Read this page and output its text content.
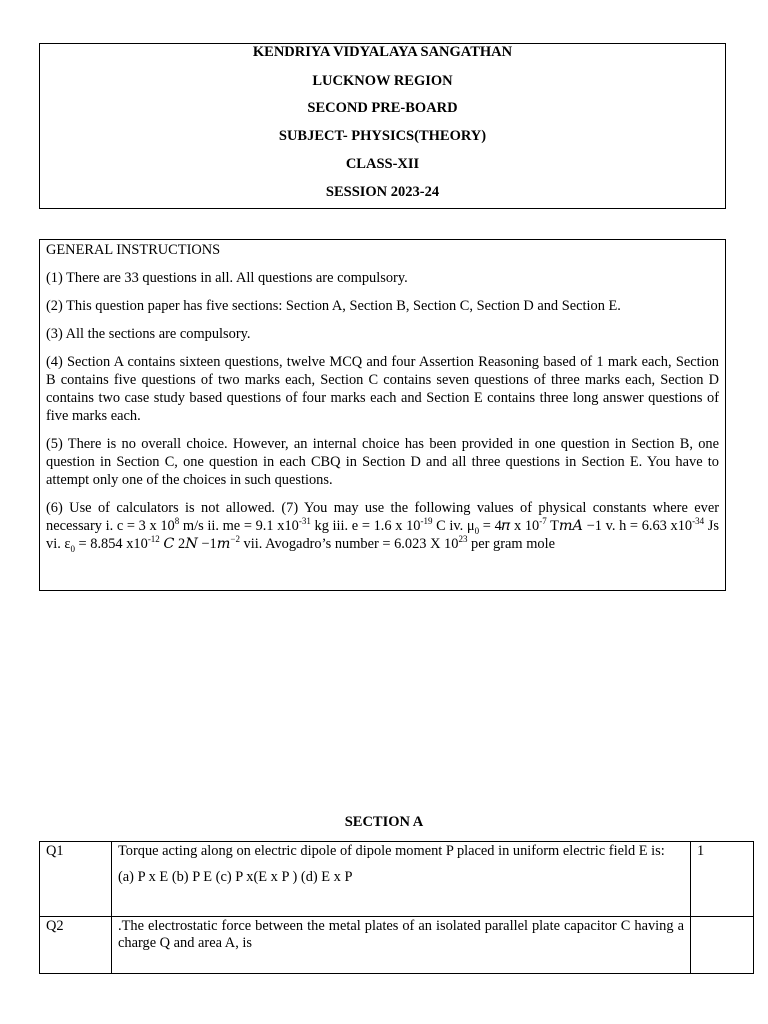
KENDRIYA VIDYALAYA SANGATHAN
LUCKNOW REGION
SECOND PRE-BOARD
SUBJECT- PHYSICS(THEORY)
CLASS-XII
SESSION 2023-24

GENERAL INSTRUCTIONS

(1) There are 33 questions in all. All questions are compulsory.

(2) This question paper has five sections: Section A, Section B, Section C, Section D and Section E.

(3) All the sections are compulsory.

(4) Section A contains sixteen questions, twelve MCQ and four Assertion Reasoning based of 1 mark each, Section B contains five questions of two marks each, Section C contains seven questions of three marks each, Section D contains two case study based questions of four marks each and Section E contains three long answer questions of five marks each.

(5) There is no overall choice. However, an internal choice has been provided in one question in Section B, one question in Section C, one question in each CBQ in Section D and all three questions in Section E. You have to attempt only one of the choices in such questions.

(6) Use of calculators is not allowed. (7) You may use the following values of physical constants where ever necessary i. c = 3 x $10^8$ m/s ii. me = 9.1 $x10^{-31}$ kg iii. e = 1.6 x $10^{-19}$ C iv. $\mu_0$ = 4𝜋 x $10^{-7}$ T𝑚𝐴 −1 v. h = 6.63 $x10^{-34}$ Js vi. $\varepsilon_0 = 8.854$ $x10^{-12}$ 𝐶 2𝑁 −1𝑚$^{-2}$ vii. Avogadro’s number = 6.023 X $10^{23}$ per gram mole

SECTION A
Q1	Torque acting along on electric dipole of dipole moment P placed in uniform electric field E is:

(a) P x E (b) P E (c) P x(E x P ) (d) E x P	1
Q2	.The electrostatic force between the metal plates of an isolated parallel plate capacitor C having a charge Q and area A, is	
